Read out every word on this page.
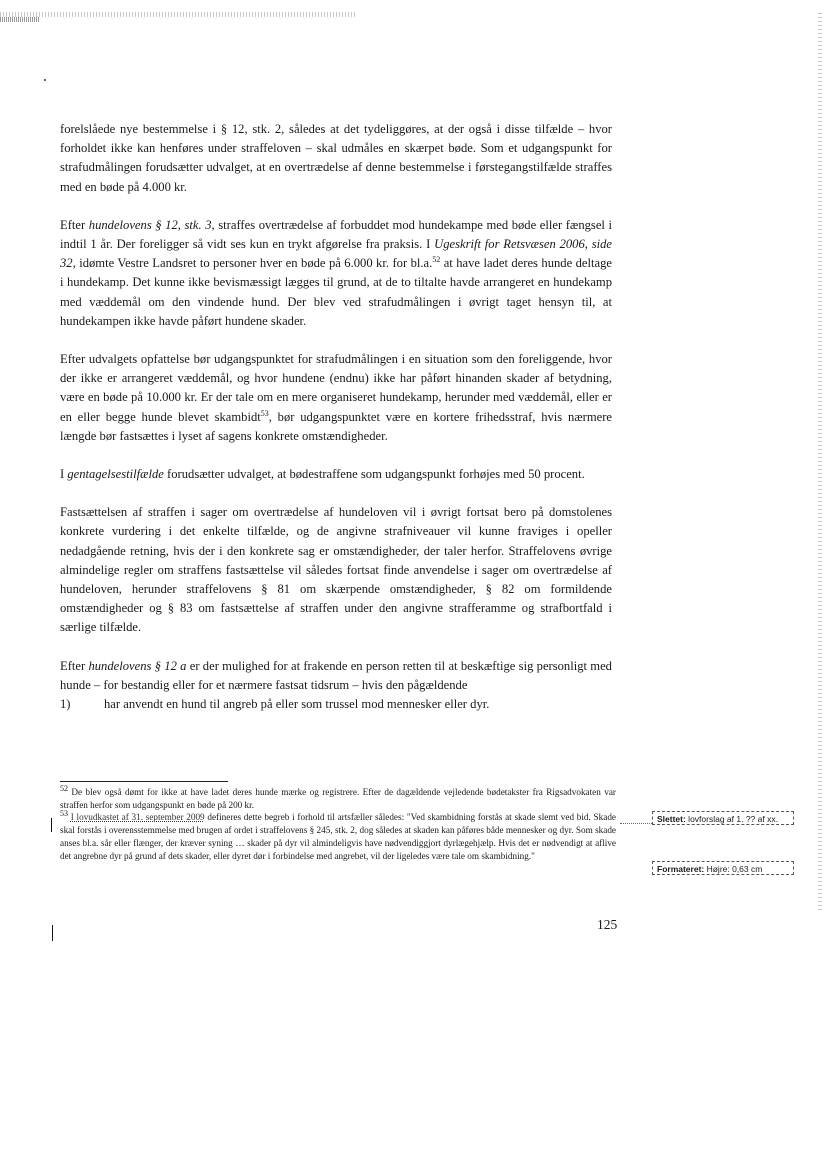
forelslåede nye bestemmelse i § 12, stk. 2, således at det tydeliggøres, at der også i disse tilfælde – hvor forholdet ikke kan henføres under straffeloven – skal udmåles en skærpet bøde. Som et udgangspunkt for strafudmålingen forudsætter udvalget, at en overtrædelse af denne bestemmelse i førstegangstilfælde straffes med en bøde på 4.000 kr.

Efter hundelovens § 12, stk. 3, straffes overtrædelse af forbuddet mod hundekampe med bøde eller fængsel i indtil 1 år. Der foreligger så vidt ses kun en trykt afgørelse fra praksis. I Ugeskrift for Retsvæsen 2006, side 32, idømte Vestre Landsret to personer hver en bøde på 6.000 kr. for bl.a.$^{52}$ at have ladet deres hunde deltage i hundekamp. Det kunne ikke bevismæssigt lægges til grund, at de to tiltalte havde arrangeret en hundekamp med væddemål om den vindende hund. Der blev ved strafudmålingen i øvrigt taget hensyn til, at hundekampen ikke havde påført hundene skader.

Efter udvalgets opfattelse bør udgangspunktet for strafudmålingen i en situation som den foreliggende, hvor der ikke er arrangeret væddemål, og hvor hundene (endnu) ikke har påført hinanden skader af betydning, være en bøde på 10.000 kr. Er der tale om en mere organiseret hundekamp, herunder med væddemål, eller er en eller begge hunde blevet skambidt$^{53}$, bør udgangspunktet være en kortere frihedsstraf, hvis nærmere længde bør fastsættes i lyset af sagens konkrete omstændigheder.

I gentagelsestilfælde forudsætter udvalget, at bødestraffene som udgangspunkt forhøjes med 50 procent.

Fastsættelsen af straffen i sager om overtrædelse af hundeloven vil i øvrigt fortsat bero på domstolenes konkrete vurdering i det enkelte tilfælde, og de angivne strafniveauer vil kunne fraviges i opeller nedadgående retning, hvis der i den konkrete sag er omstændigheder, der taler herfor. Straffelovens øvrige almindelige regler om straffens fastsættelse vil således fortsat finde anvendelse i sager om overtrædelse af hundeloven, herunder straffelovens § 81 om skærpende omstændigheder, § 82 om formildende omstændigheder og § 83 om fastsættelse af straffen under den angivne strafferamme og strafbortfald i særlige tilfælde.

Efter hundelovens § 12 a er der mulighed for at frakende en person retten til at beskæftige sig personligt med hunde – for bestandig eller for et nærmere fastsat tidsrum – hvis den pågældende

1)	har anvendt en hund til angreb på eller som trussel mod mennesker eller dyr.

52 De blev også dømt for ikke at have ladet deres hunde mærke og registrere. Efter de dagældende vejledende bødetakster fra Rigsadvokaten var straffen herfor som udgangspunkt en bøde på 200 kr.

53 I lovudkastet af 31. september 2009 defineres dette begreb i forhold til artsfæller således: "Ved skambidning forstås at skade slemt ved bid. Skade skal forstås i overensstemmelse med brugen af ordet i straffelovens § 245, stk. 2, dog således at skaden kan påføres både mennesker og dyr. Som skade anses bl.a. sår eller flænger, der kræver syning … skader på dyr vil almindeligvis have nødvendiggjort dyrlægehjælp. Hvis det er nødvendigt at aflive det angrebne dyr på grund af dets skader, eller dyret dør i forbindelse med angrebet, vil der ligeledes være tale om skambidning."

Slettet: lovforslag af 1. ?? af xx.
Formateret: Højre: 0,63 cm
125
